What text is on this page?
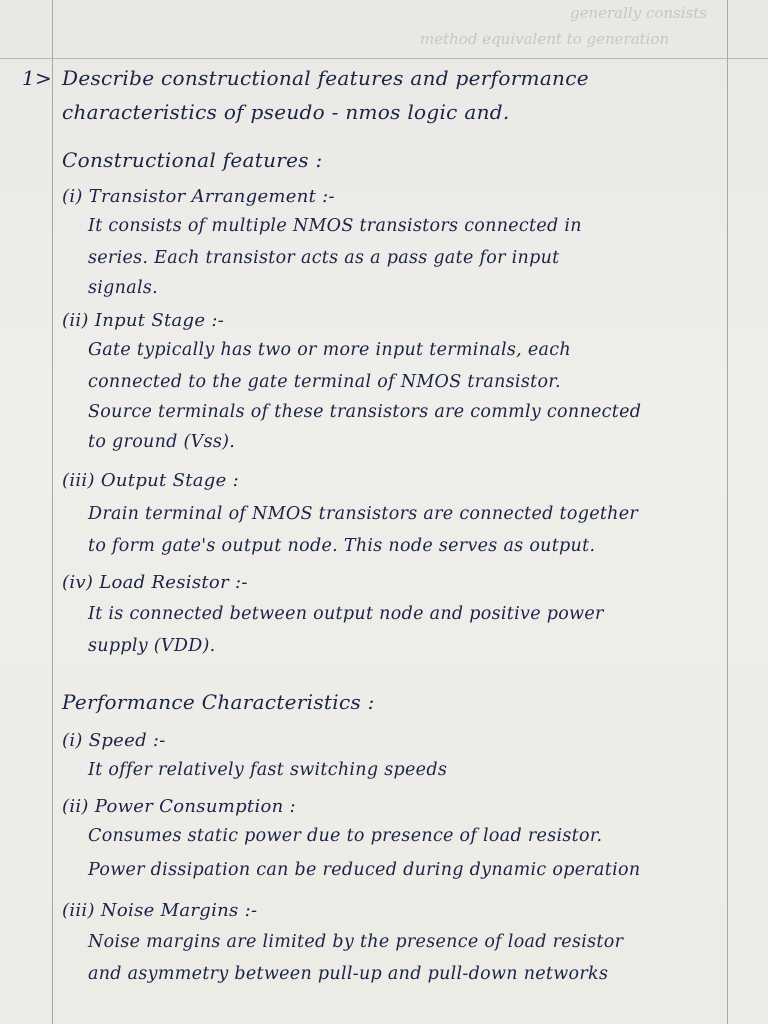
generally consists
method equivalent to generation
1> Describe constructional features and performance
characteristics of pseudo - nmos logic and.
Constructional features :
(i) Transistor Arrangement :-
It consists of multiple NMOS transistors connected in
series. Each transistor acts as a pass gate for input
signals.
(ii) Input Stage :-
Gate typically has two or more input terminals, each
connected to the gate terminal of NMOS transistor.
Source terminals of these transistors are commly connected
to ground (Vss).
(iii) Output Stage :
Drain terminal of NMOS transistors are connected together
to form gate's output node. This node serves as output.
(iv) Load Resistor :-
It is connected between output node and positive power
supply (VDD).
Performance Characteristics :
(i) Speed :-
It offer relatively fast switching speeds
(ii) Power Consumption :
Consumes static power due to presence of load resistor.
Power dissipation can be reduced during dynamic operation
(iii) Noise Margins :-
Noise margins are limited by the presence of load resistor
and asymmetry between pull-up and pull-down networks
